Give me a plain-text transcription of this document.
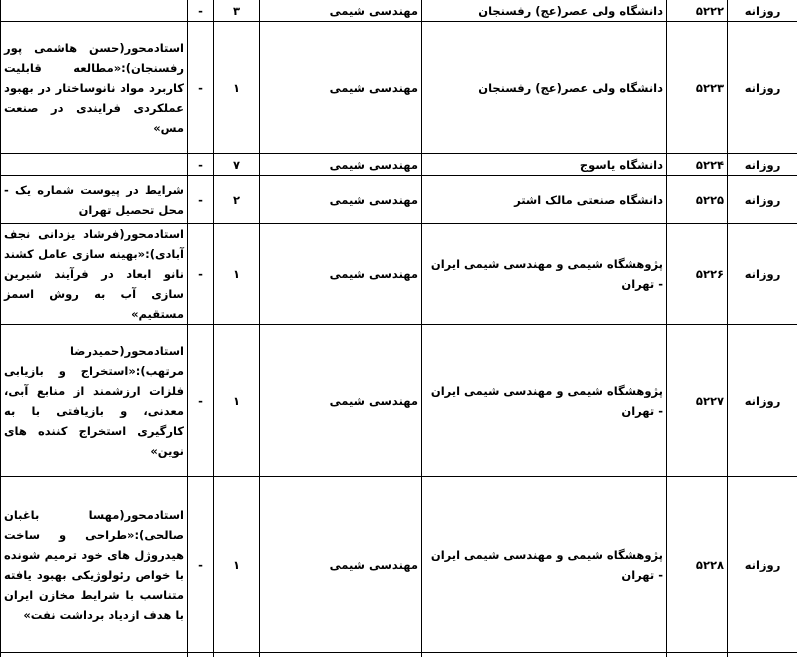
روزانه	۵۲۲۲	دانشگاه ولی عصر(عج) رفسنجان	مهندسی شیمی	۳	-	
روزانه	۵۲۲۳	دانشگاه ولی عصر(عج) رفسنجان	مهندسی شیمی	۱	-	استادمحور(حسن هاشمی پور رفسنجان):«مطالعه قابلیت کاربرد مواد نانوساختار در بهبود عملکردی فرایندی در صنعت مس»
روزانه	۵۲۲۴	دانشگاه یاسوج	مهندسی شیمی	۷	-	
روزانه	۵۲۲۵	دانشگاه صنعتی مالک اشتر	مهندسی شیمی	۲	-	شرایط در پیوست شماره یک - محل تحصیل تهران
روزانه	۵۲۲۶	پژوهشگاه شیمی و مهندسی شیمی ایران - تهران	مهندسی شیمی	۱	-	استادمحور(فرشاد یزدانی نجف آبادی):«بهینه سازی عامل کشند نانو ابعاد در فرآیند شیرین سازی آب به روش اسمز مستقیم»
روزانه	۵۲۲۷	پژوهشگاه شیمی و مهندسی شیمی ایران - تهران	مهندسی شیمی	۱	-	استادمحور(حمیدرضا مرتهب):«استخراج و بازیابی فلزات ارزشمند از منابع آبی، معدنی، و بازیافتی با به کارگیری استخراج کننده های نوین»
روزانه	۵۲۲۸	پژوهشگاه شیمی و مهندسی شیمی ایران - تهران	مهندسی شیمی	۱	-	استادمحور(مهسا باغبان صالحی):«طراحی و ساخت هیدروژل های خود ترمیم شونده با خواص رئولوژیکی بهبود یافته متناسب با شرایط مخازن ایران با هدف ازدیاد برداشت نفت»
